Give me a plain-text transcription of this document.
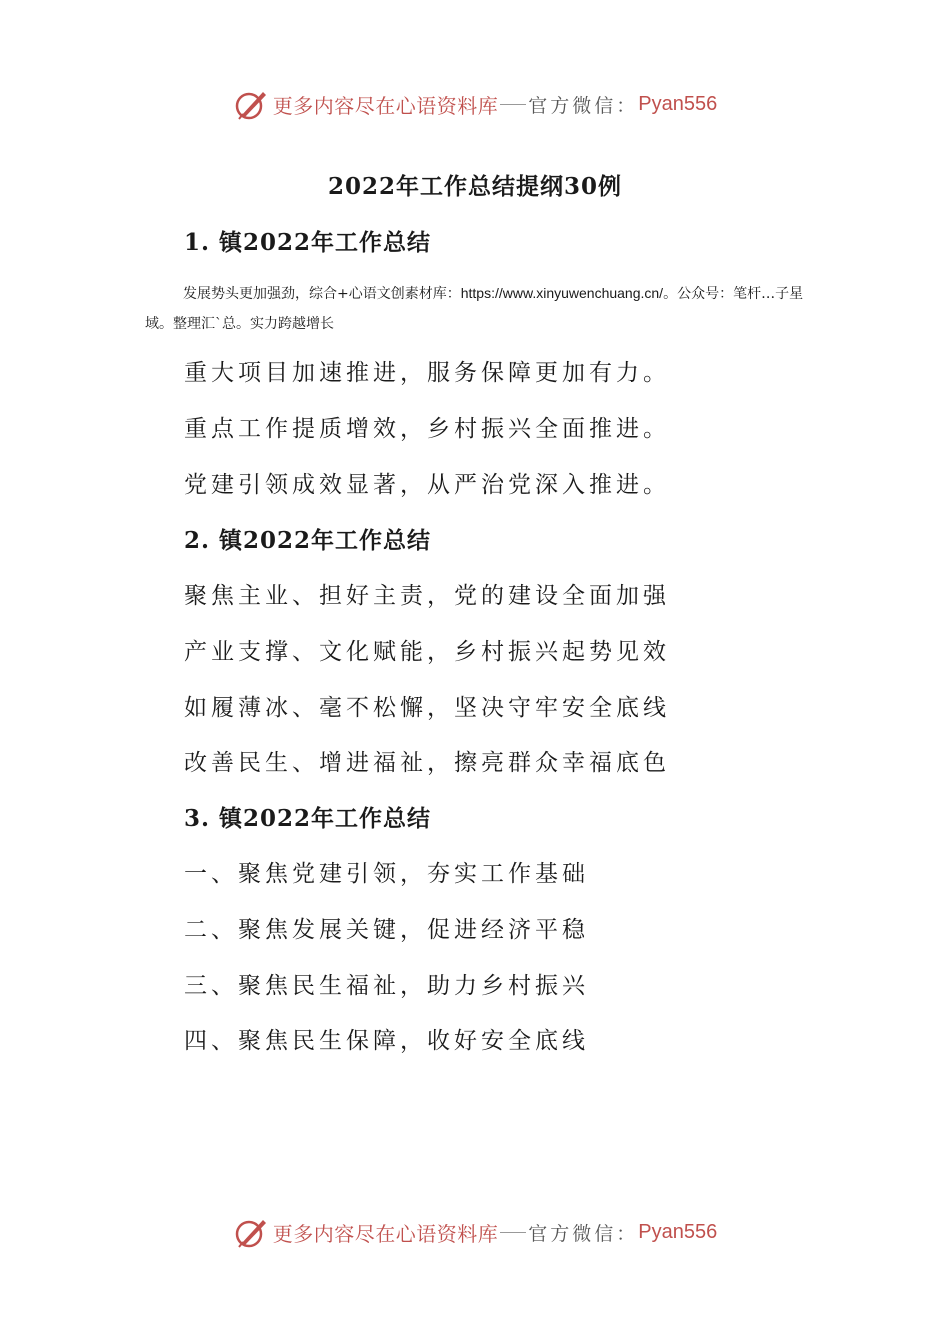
更多内容尽在心语资料库 官方微信： Pyan556
2022年工作总结提纲30例
1. 镇2022年工作总结

发展势头更加强劲，综合+心语文创素材库：https://www.xinyuwenchuang.cn/。公众号：笔杆…子星域。整理汇`总。实力跨越增长

重大项目加速推进，服务保障更加有力。

重点工作提质增效，乡村振兴全面推进。

党建引领成效显著，从严治党深入推进。

2. 镇2022年工作总结

聚焦主业、担好主责，党的建设全面加强

产业支撑、文化赋能，乡村振兴起势见效

如履薄冰、毫不松懈，坚决守牢安全底线

改善民生、增进福祉，擦亮群众幸福底色

3. 镇2022年工作总结

一、聚焦党建引领，夯实工作基础

二、聚焦发展关键，促进经济平稳

三、聚焦民生福祉，助力乡村振兴

四、聚焦民生保障，收好安全底线

更多内容尽在心语资料库 官方微信： Pyan556
